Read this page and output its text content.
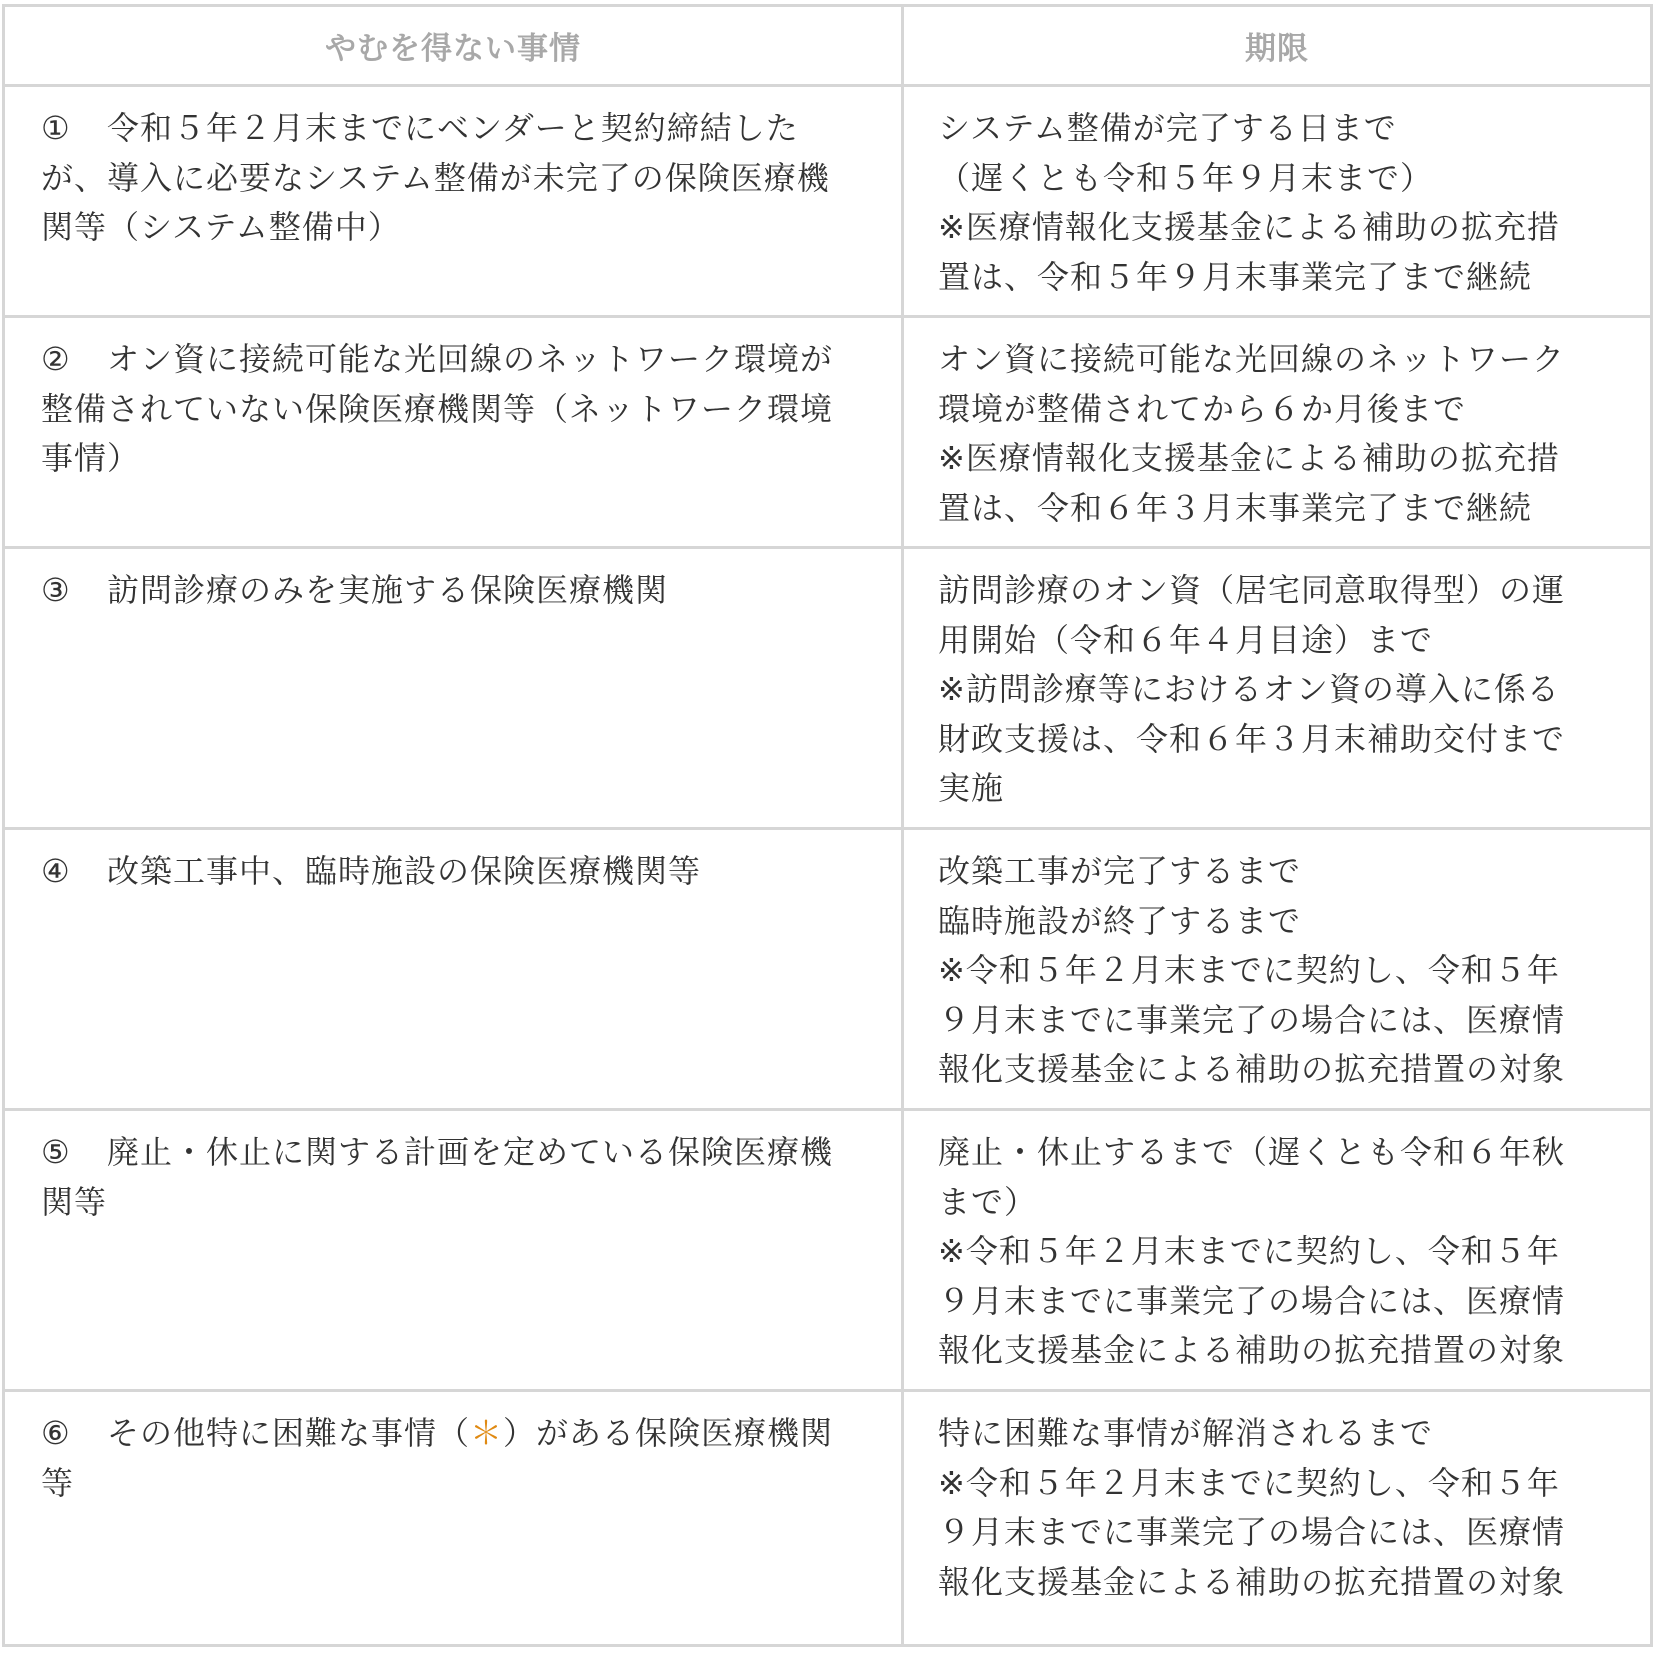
やむを得ない事情	期限

① 令和５年２月末までにベンダーと契約締結した
が、導入に必要なシステム整備が未完了の保険医療機
関等（システム整備中）	システム整備が完了する日まで
（遅くとも令和５年９月末まで）
※医療情報化支援基金による補助の拡充措
置は、令和５年９月末事業完了まで継続

② オン資に接続可能な光回線のネットワーク環境が
整備されていない保険医療機関等（ネットワーク環境
事情）	オン資に接続可能な光回線のネットワーク
環境が整備されてから６か月後まで
※医療情報化支援基金による補助の拡充措
置は、令和６年３月末事業完了まで継続

③ 訪問診療のみを実施する保険医療機関	訪問診療のオン資（居宅同意取得型）の運
用開始（令和６年４月目途）まで
※訪問診療等におけるオン資の導入に係る
財政支援は、令和６年３月末補助交付まで
実施

④ 改築工事中、臨時施設の保険医療機関等	改築工事が完了するまで
臨時施設が終了するまで
※令和５年２月末までに契約し、令和５年
９月末までに事業完了の場合には、医療情
報化支援基金による補助の拡充措置の対象

⑤ 廃止・休止に関する計画を定めている保険医療機
関等	廃止・休止するまで（遅くとも令和６年秋
まで）
※令和５年２月末までに契約し、令和５年
９月末までに事業完了の場合には、医療情
報化支援基金による補助の拡充措置の対象

⑥ その他特に困難な事情（＊）がある保険医療機関
等	特に困難な事情が解消されるまで
※令和５年２月末までに契約し、令和５年
９月末までに事業完了の場合には、医療情
報化支援基金による補助の拡充措置の対象
